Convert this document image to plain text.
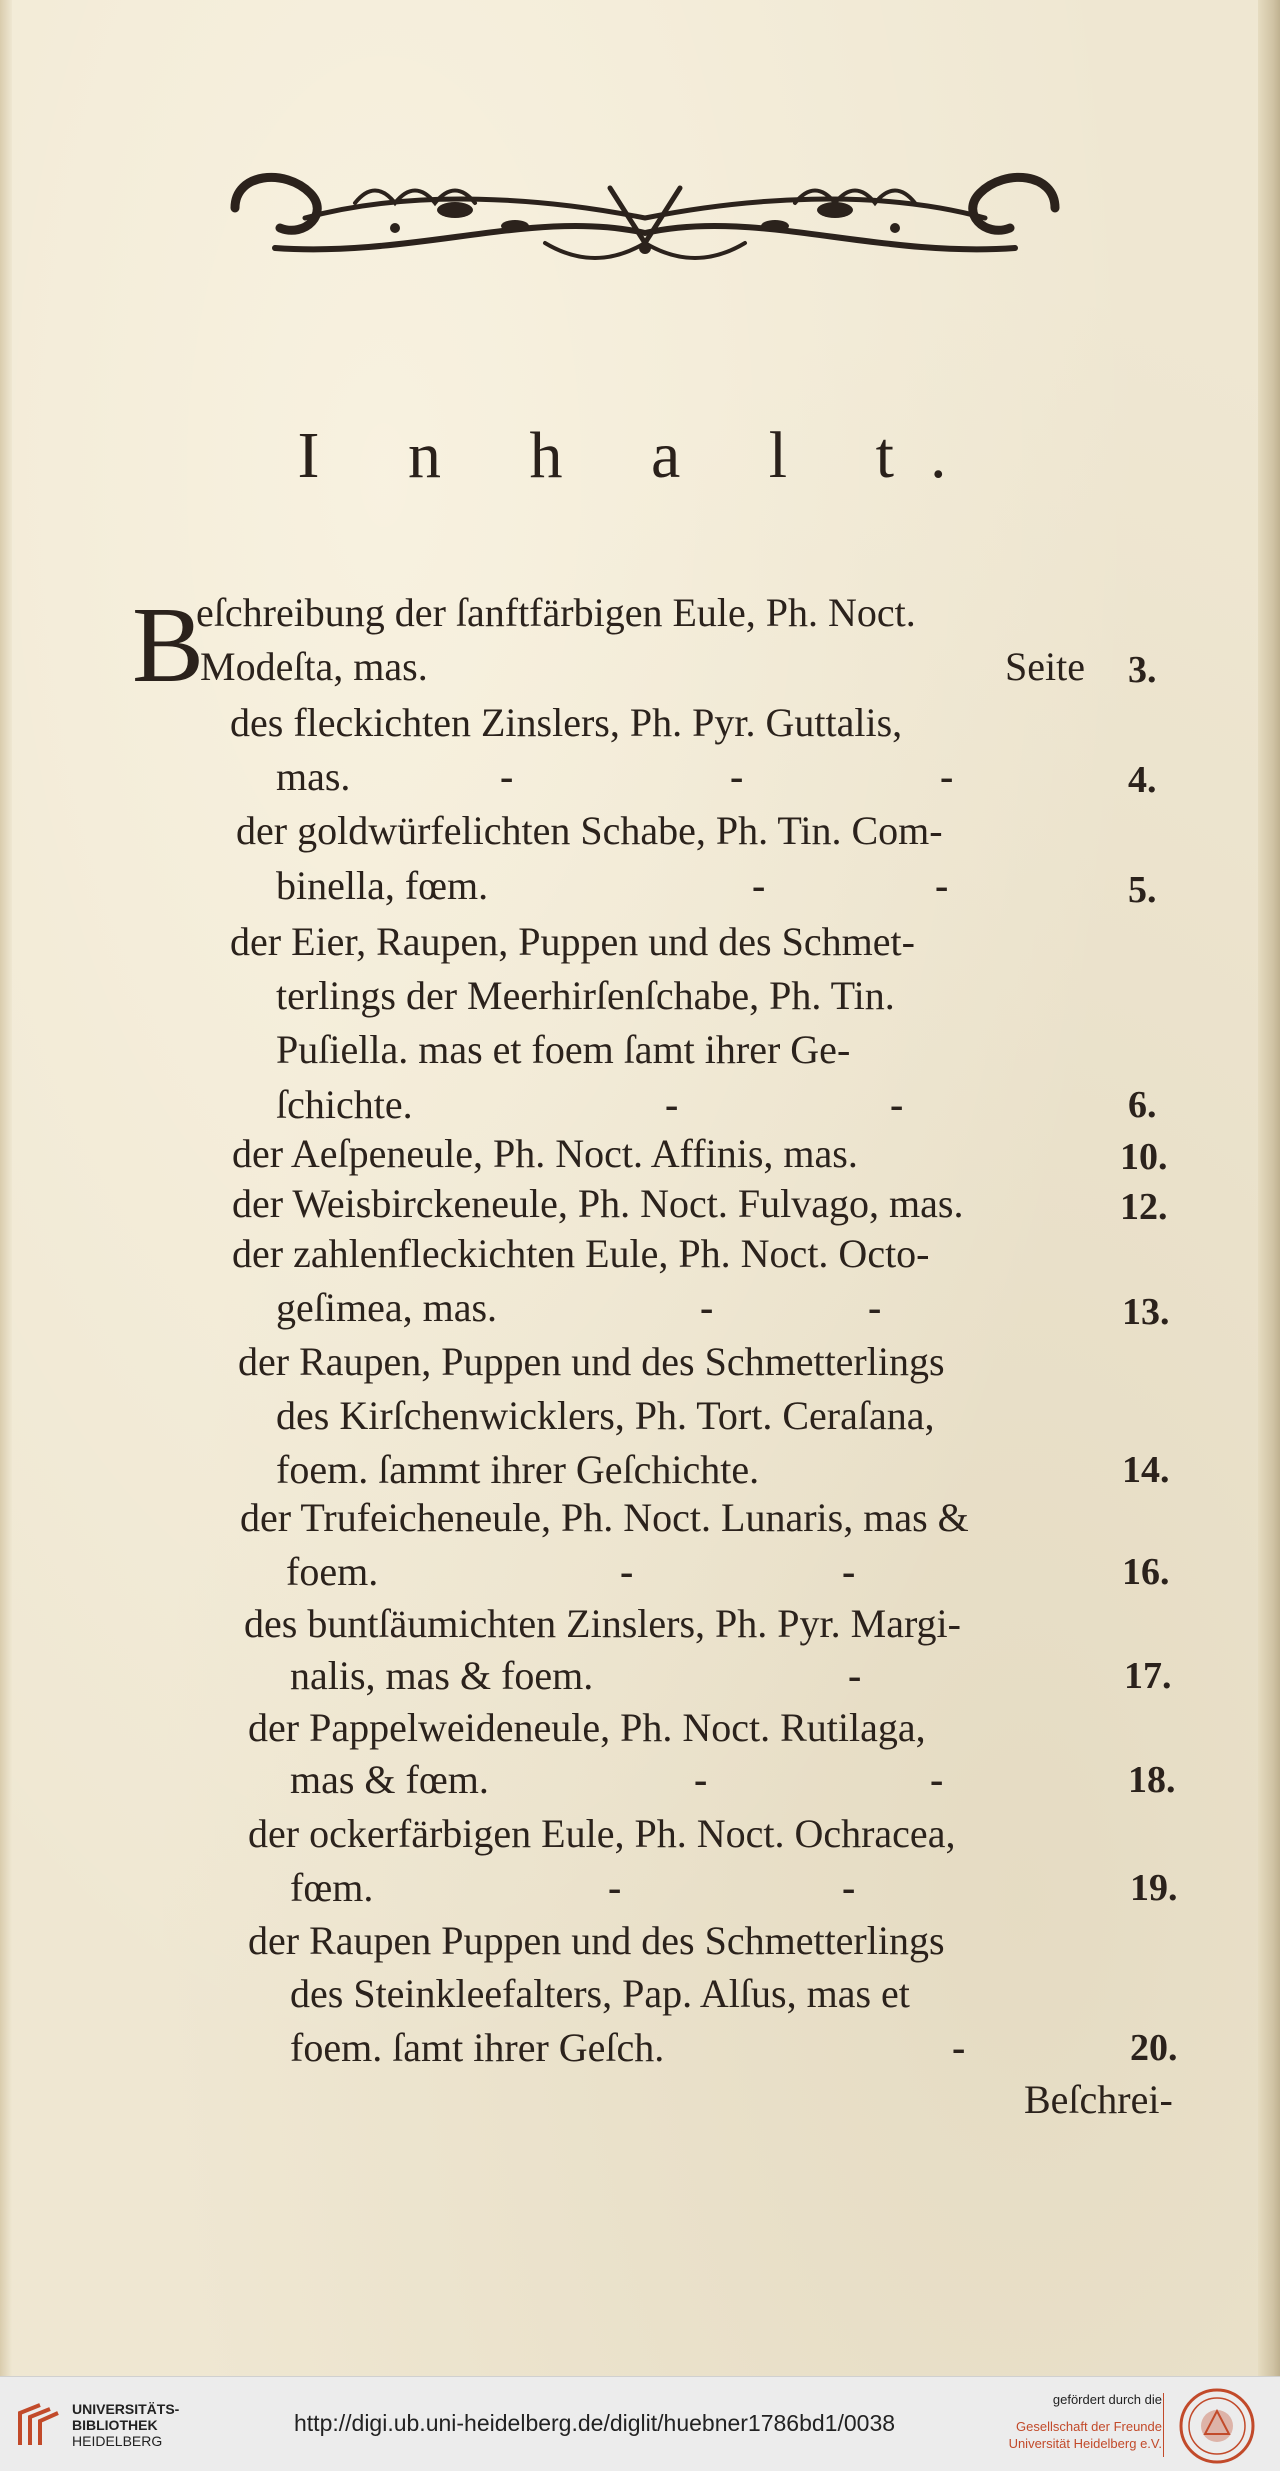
I n h a l t.
B
eſchreibung der ſanftfärbigen Eule, Ph. Noct.
Modeſta, mas.	Seite 3.
des fleckichten Zinslers, Ph. Pyr. Guttalis,
mas.	-	-	-	4.
der goldwürfelichten Schabe, Ph. Tin. Com-
binella, fœm.	-	-	5.
der Eier, Raupen, Puppen und des Schmet-
terlings der Meerhirſenſchabe, Ph. Tin.
Puſiella. mas et foem ſamt ihrer Ge-
ſchichte.	-	-	6.
der Aeſpeneule, Ph. Noct. Affinis, mas.	10.
der Weisbirckeneule, Ph. Noct. Fulvago, mas.	12.
der zahlenfleckichten Eule, Ph. Noct. Octo-
geſimea, mas.	-	-	13.
der Raupen, Puppen und des Schmetterlings
des Kirſchenwicklers, Ph. Tort. Ceraſana,
foem. ſammt ihrer Geſchichte.	14.
der Trufeicheneule, Ph. Noct. Lunaris, mas &
foem.	-	-	16.
des buntſäumichten Zinslers, Ph. Pyr. Margi-
nalis, mas & foem.	-	17.
der Pappelweideneule, Ph. Noct. Rutilaga,
mas & fœm.	-	-	18.
der ockerfärbigen Eule, Ph. Noct. Ochracea,
fœm.	-	-	19.
der Raupen Puppen und des Schmetterlings
des Steinkleefalters, Pap. Alſus, mas et
foem. ſamt ihrer Geſch.	-	20.
Beſchrei-
UNIVERSITÄTS-
BIBLIOTHEK
HEIDELBERG
http://digi.ub.uni-heidelberg.de/diglit/huebner1786bd1/0038
gefördert durch die
Gesellschaft der Freunde
Universität Heidelberg e.V.
